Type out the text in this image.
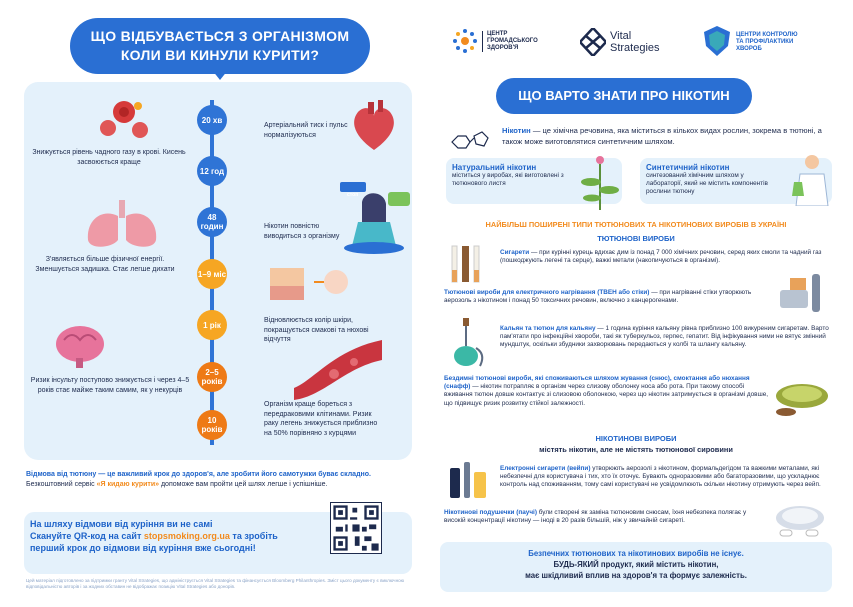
ЩО ВІДБУВАЄТЬСЯ З ОРГАНІЗМОМ
КОЛИ ВИ КИНУЛИ КУРИТИ?
20 хв
12 год
48 годин
1–9 міс
1 рік
2–5 років
10 років
Артеріальний тиск і пульс нормалізуються
Знижується рівень чадного газу в крові. Кисень засвоюється краще
Нікотин повністю виводиться з організму
З'являється більше фізичної енергії. Зменшується задишка. Стає легше дихати
Відновлюється колір шкіри, покращується смакові та нюхові відчуття
Ризик інсульту поступово знижується і через 4–5 років стає майже таким самим, як у некурців
Організм краще бореться з передраковими клітинами. Ризик раку легень знижується приблизно на 50% порівняно з курцями
стоп
Відмова від тютюну — це важливий крок до здоров'я, але зробити його самотужки буває складно.
Безкоштовний сервіс «Я кидаю курити» допоможе вам пройти цей шлях легше і успішніше.
На шляху відмови від куріння ви не самі
Скануйте QR-код на сайт stopsmoking.org.ua та зробіть
перший крок до відмови від куріння вже сьогодні!
Цей матеріал підготовлено за підтримки гранту Vital Strategies, що адмініструється Vital Strategies та фінансується Bloomberg Philanthropies. Зміст цього документу є виключною відповідальністю авторів і за жодних обставин не відображає позицію Vital Strategies або донорів.
ЦЕНТР
ГРОМАДСЬКОГО
ЗДОРОВ'Я
Vital
Strategies
ЦЕНТРИ КОНТРОЛЮ
ТА ПРОФІЛАКТИКИ
ХВОРОБ
ЩО ВАРТО ЗНАТИ ПРО НІКОТИН
Нікотин — це хімічна речовина, яка міститься в кількох видах рослин, зокрема в тютюні, а також може виготовлятися синтетичним шляхом.
Натуральний нікотин
міститься у виробах, які виготовлені з тютюнового листя
Синтетичний нікотин
синтезований хімічним шляхом у лабораторії, який не містить компонентів рослини тютюну
НАЙБІЛЬШ ПОШИРЕНІ ТИПИ ТЮТЮНОВИХ ТА НІКОТИНОВИХ ВИРОБІВ В УКРАЇНІ
ТЮТЮНОВІ ВИРОБИ
Сигарети — при курінні курець вдихає дим із понад 7 000 хімічних речовин, серед яких смоли та чадний газ (пошкоджують легені та серце), важкі метали (накопичуються в організмі).
Тютюнові вироби для електричного нагрівання (ТВЕН або стіки) — при нагріванні стіки утворюють аерозоль з нікотином і понад 50 токсичних речовин, включно з канцерогенами.
Кальян та тютюн для кальяну — 1 година куріння кальяну рівна приблизно 100 викуреним сигаретам. Варто пам'ятати про інфекційні хвороби, такі як туберкульоз, герпес, гепатит. Від інфікування ними не вятує змінний мундштук, оскільки збудники захворювань передаються у колбі та шлангу кальяну.
Бездимні тютюнові вироби, які споживаються шляхом жування (снюс), смоктання або нюхання (снафф) — нікотин потрапляє в організм через слизову оболонку носа або рота. При такому способі вживання тютюн довше контактує зі слизовою оболонкою, через що нікотин затримується в організмі довше, що підвищує ризик розвитку стійкої залежності.
НІКОТИНОВІ ВИРОБИ
містять нікотин, але не містять тютюнової сировини
Електронні сигарети (вейпи) утворюють аерозолі з нікотином, формальдегідом та важкими металами, які небезпечні для користувача і тих, хто їх оточує. Бувають одноразовими або багаторазовими, що ускладнює контроль над споживанням, тому самі користувачі не усвідомлюють скільки нікотину отримують через вейп.
Нікотинові подушечки (паучі) були створені як заміна тютюновим снюсам, їхня небезпека полягає у високій концентрації нікотину — іноді в 20 разів більшій, ніж у звичайній сигареті.
Безпечних тютюнових та нікотинових виробів не існує.
БУДЬ-ЯКИЙ продукт, який містить нікотин,
має шкідливий вплив на здоров'я та формує залежність.
